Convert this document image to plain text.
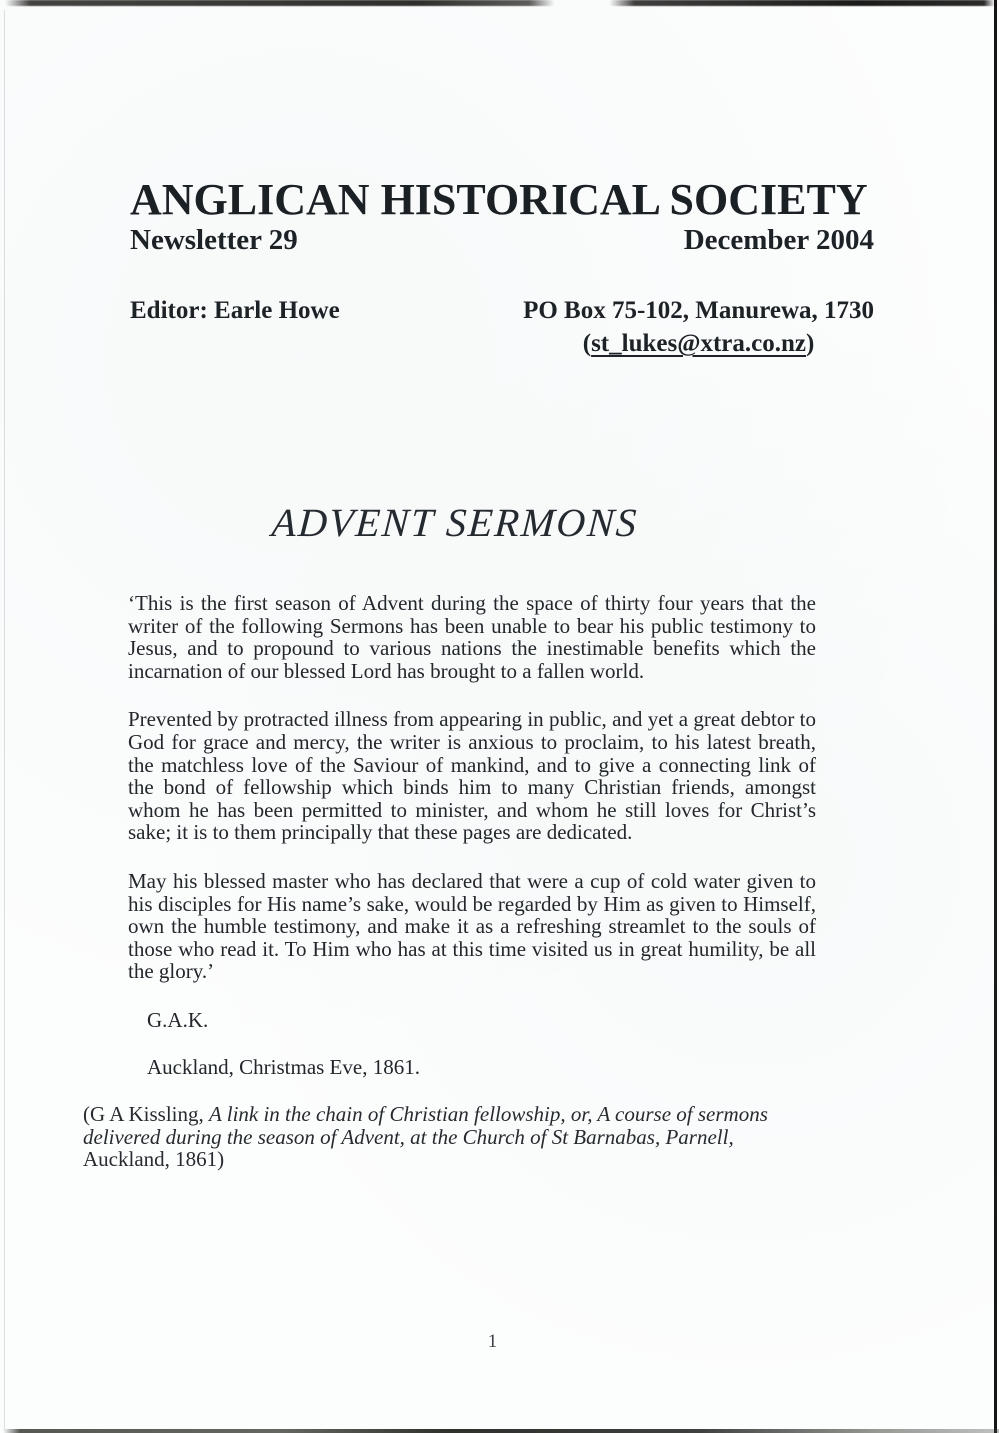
ANGLICAN HISTORICAL SOCIETY
Newsletter 29	December 2004
Editor: Earle Howe	PO Box 75-102, Manurewa, 1730
(st_lukes@xtra.co.nz)
ADVENT SERMONS

‘This is the first season of Advent during the space of thirty four years that the writer of the following Sermons has been unable to bear his public testimony to Jesus, and to propound to various nations the inestimable benefits which the incarnation of our blessed Lord has brought to a fallen world.

Prevented by protracted illness from appearing in public, and yet a great debtor to God for grace and mercy, the writer is anxious to proclaim, to his latest breath, the matchless love of the Saviour of mankind, and to give a connecting link of the bond of fellowship which binds him to many Christian friends, amongst whom he has been permitted to minister, and whom he still loves for Christ’s sake; it is to them principally that these pages are dedicated.

May his blessed master who has declared that were a cup of cold water given to his disciples for His name’s sake, would be regarded by Him as given to Himself, own the humble testimony, and make it as a refreshing streamlet to the souls of those who read it. To Him who has at this time visited us in great humility, be all the glory.’

G.A.K.
Auckland, Christmas Eve, 1861.
(G A Kissling, A link in the chain of Christian fellowship, or, A course of sermons delivered during the season of Advent, at the Church of St Barnabas, Parnell, Auckland, 1861)
1
